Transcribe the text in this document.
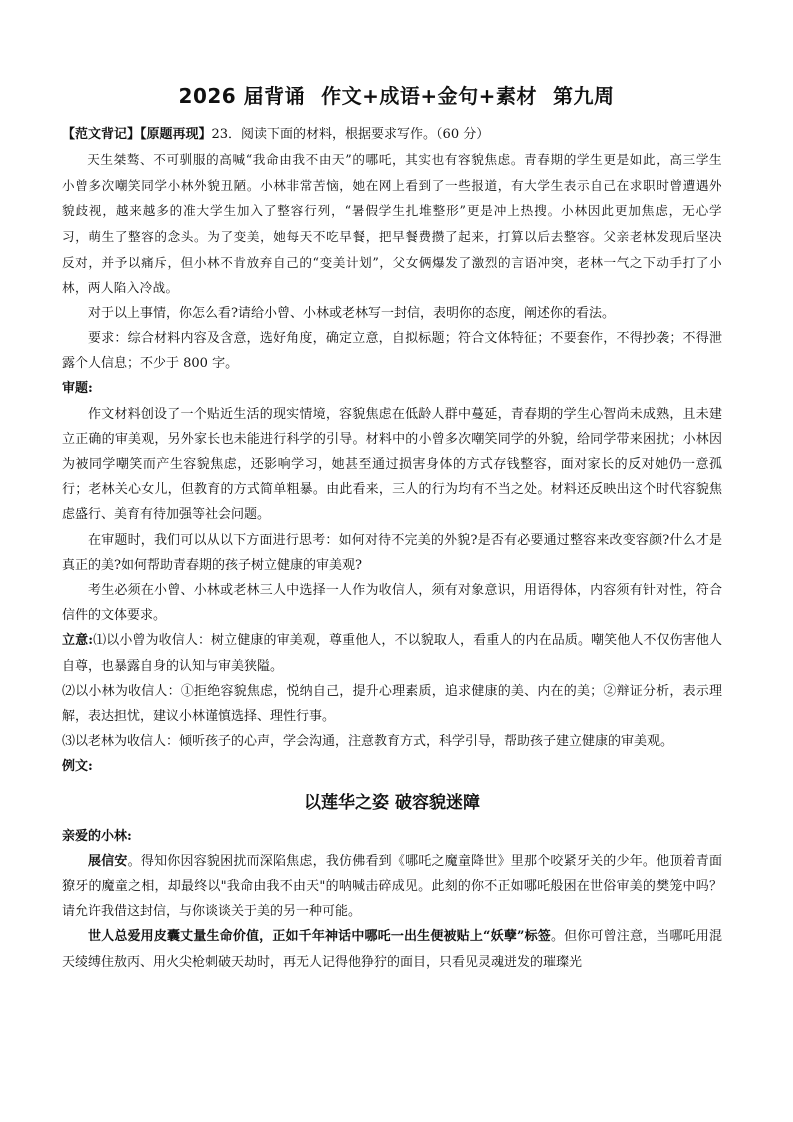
2026 届背诵 作文+成语+金句+素材 第九周

【范文背记】【原题再现】23．阅读下面的材料，根据要求写作。（60 分）

天生桀骜、不可驯服的高喊“我命由我不由天”的哪吒，其实也有容貌焦虑。青春期的学生更是如此，高三学生小曾多次嘲笑同学小林外貌丑陋。小林非常苦恼，她在网上看到了一些报道，有大学生表示自己在求职时曾遭遇外貌歧视，越来越多的准大学生加入了整容行列，“暑假学生扎堆整形”更是冲上热搜。小林因此更加焦虑，无心学习，萌生了整容的念头。为了变美，她每天不吃早餐，把早餐费攒了起来，打算以后去整容。父亲老林发现后坚决反对，并予以痛斥，但小林不肯放弃自己的“变美计划”，父女俩爆发了激烈的言语冲突，老林一气之下动手打了小林，两人陷入冷战。

对于以上事情，你怎么看?请给小曾、小林或老林写一封信，表明你的态度，阐述你的看法。

要求：综合材料内容及含意，选好角度，确定立意，自拟标题；符合文体特征；不要套作，不得抄袭；不得泄露个人信息；不少于 800 字。

审题:

作文材料创设了一个贴近生活的现实情境，容貌焦虑在低龄人群中蔓延，青春期的学生心智尚未成熟，且未建立正确的审美观，另外家长也未能进行科学的引导。材料中的小曾多次嘲笑同学的外貌，给同学带来困扰；小林因为被同学嘲笑而产生容貌焦虑，还影响学习，她甚至通过损害身体的方式存钱整容，面对家长的反对她仍一意孤行；老林关心女儿，但教育的方式简单粗暴。由此看来，三人的行为均有不当之处。材料还反映出这个时代容貌焦虑盛行、美育有待加强等社会问题。

在审题时，我们可以从以下方面进行思考：如何对待不完美的外貌?是否有必要通过整容来改变容颜?什么才是真正的美?如何帮助青春期的孩子树立健康的审美观?

考生必须在小曾、小林或老林三人中选择一人作为收信人，须有对象意识，用语得体，内容须有针对性，符合信件的文体要求。

立意:⑴以小曾为收信人：树立健康的审美观，尊重他人，不以貌取人，看重人的内在品质。嘲笑他人不仅伤害他人自尊，也暴露自身的认知与审美狭隘。

⑵以小林为收信人：①拒绝容貌焦虑，悦纳自己，提升心理素质，追求健康的美、内在的美；②辩证分析，表示理解，表达担忧，建议小林谨慎选择、理性行事。

⑶以老林为收信人：倾听孩子的心声，学会沟通，注意教育方式，科学引导，帮助孩子建立健康的审美观。

例文:

以莲华之姿 破容貌迷障

亲爱的小林:

展信安。得知你因容貌困扰而深陷焦虑，我仿佛看到《哪吒之魔童降世》里那个咬紧牙关的少年。他顶着青面獠牙的魔童之相，却最终以"我命由我不由天"的呐喊击碎成见。此刻的你不正如哪吒般困在世俗审美的樊笼中吗？请允许我借这封信，与你谈谈关于美的另一种可能。

世人总爱用皮囊丈量生命价值，正如千年神话中哪吒一出生便被贴上“妖孽”标签。但你可曾注意，当哪吒用混天绫缚住敖丙、用火尖枪刺破天劫时，再无人记得他狰狞的面目，只看见灵魂迸发的璀璨光
